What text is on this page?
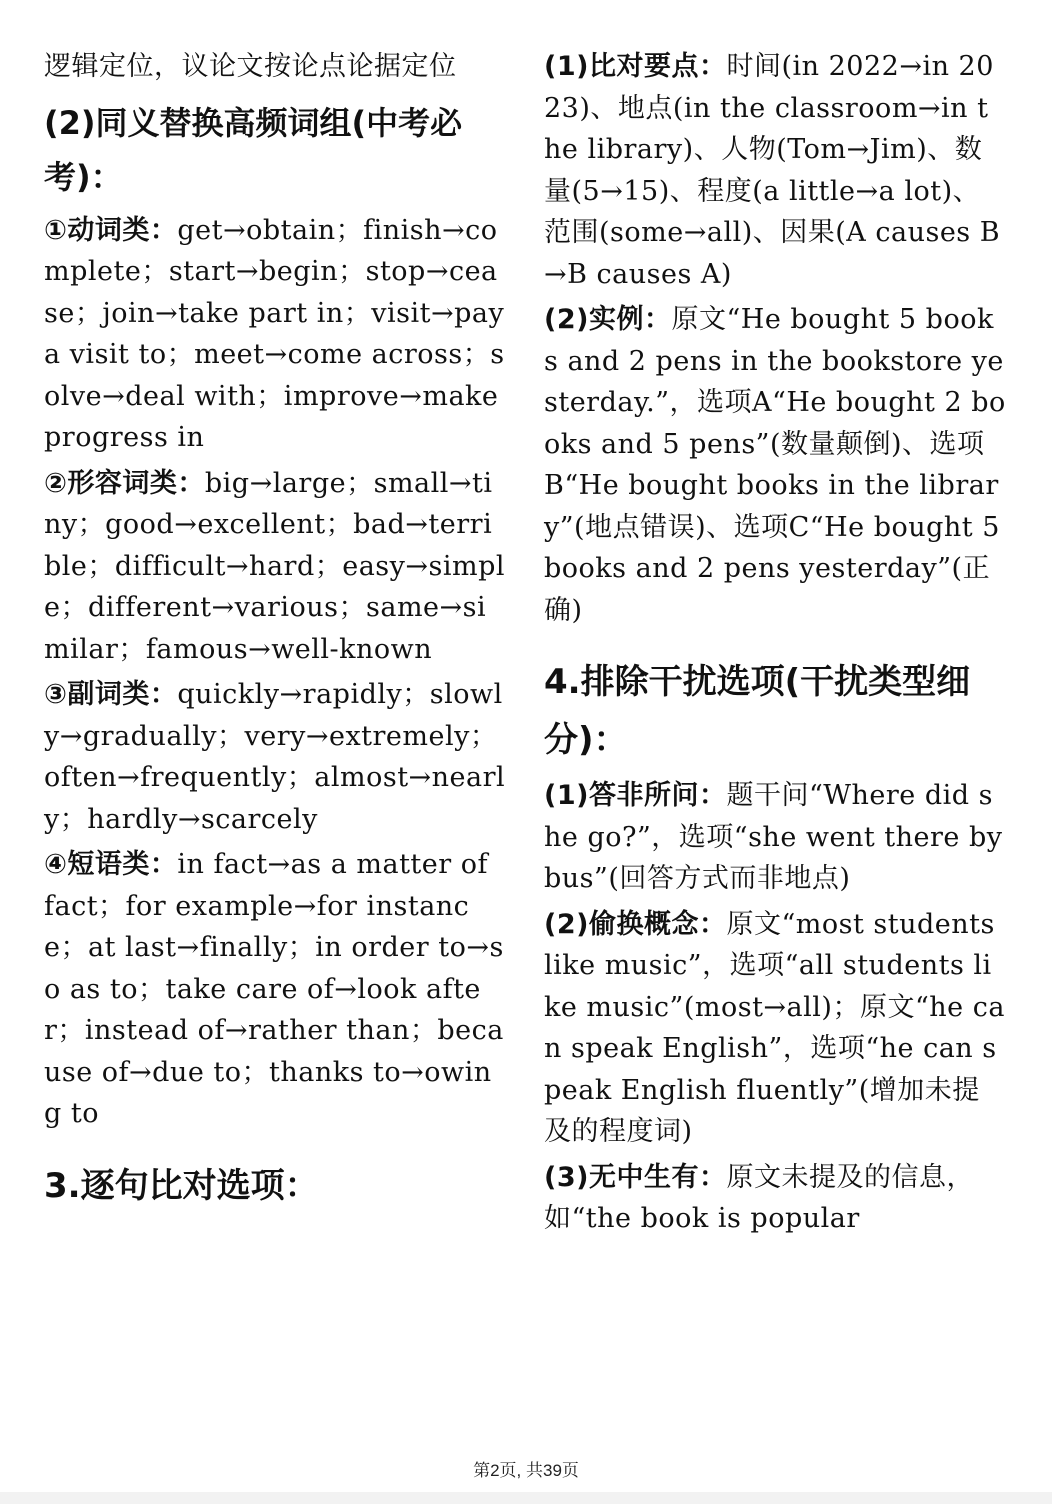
逻辑定位，议论文按论点论据定位

(2)同义替换高频词组(中考必考)：

①动词类：get→obtain；finish→complete；start→begin；stop→cease；join→take part in；visit→pay a visit to；meet→come across；solve→deal with；improve→make progress in

②形容词类：big→large；small→tiny；good→excellent；bad→terrible；difficult→hard；easy→simple；different→various；same→similar；famous→well-known

③副词类：quickly→rapidly；slowly→gradually；very→extremely；often→frequently；almost→nearly；hardly→scarcely

④短语类：in fact→as a matter of fact；for example→for instance；at last→finally；in order to→so as to；take care of→look after；instead of→rather than；because of→due to；thanks to→owing to

3.逐句比对选项：

(1)比对要点：时间(in 2022→in 2023)、地点(in the classroom→in the library)、人物(Tom→Jim)、数量(5→15)、程度(a little→a lot)、范围(some→all)、因果(A causes B→B causes A)

(2)实例：原文“He bought 5 books and 2 pens in the bookstore yesterday.”，选项A“He bought 2 books and 5 pens”(数量颠倒)、选项B“He bought books in the library”(地点错误)、选项C“He bought 5 books and 2 pens yesterday”(正确)

4.排除干扰选项(干扰类型细分)：

(1)答非所问：题干问“Where did she go?”，选项“she went there by bus”(回答方式而非地点)

(2)偷换概念：原文“most students like music”，选项“all students like music”(most→all)；原文“he can speak English”，选项“he can speak English fluently”(增加未提及的程度词)

(3)无中生有：原文未提及的信息，如“the book is popular

第2页, 共39页
